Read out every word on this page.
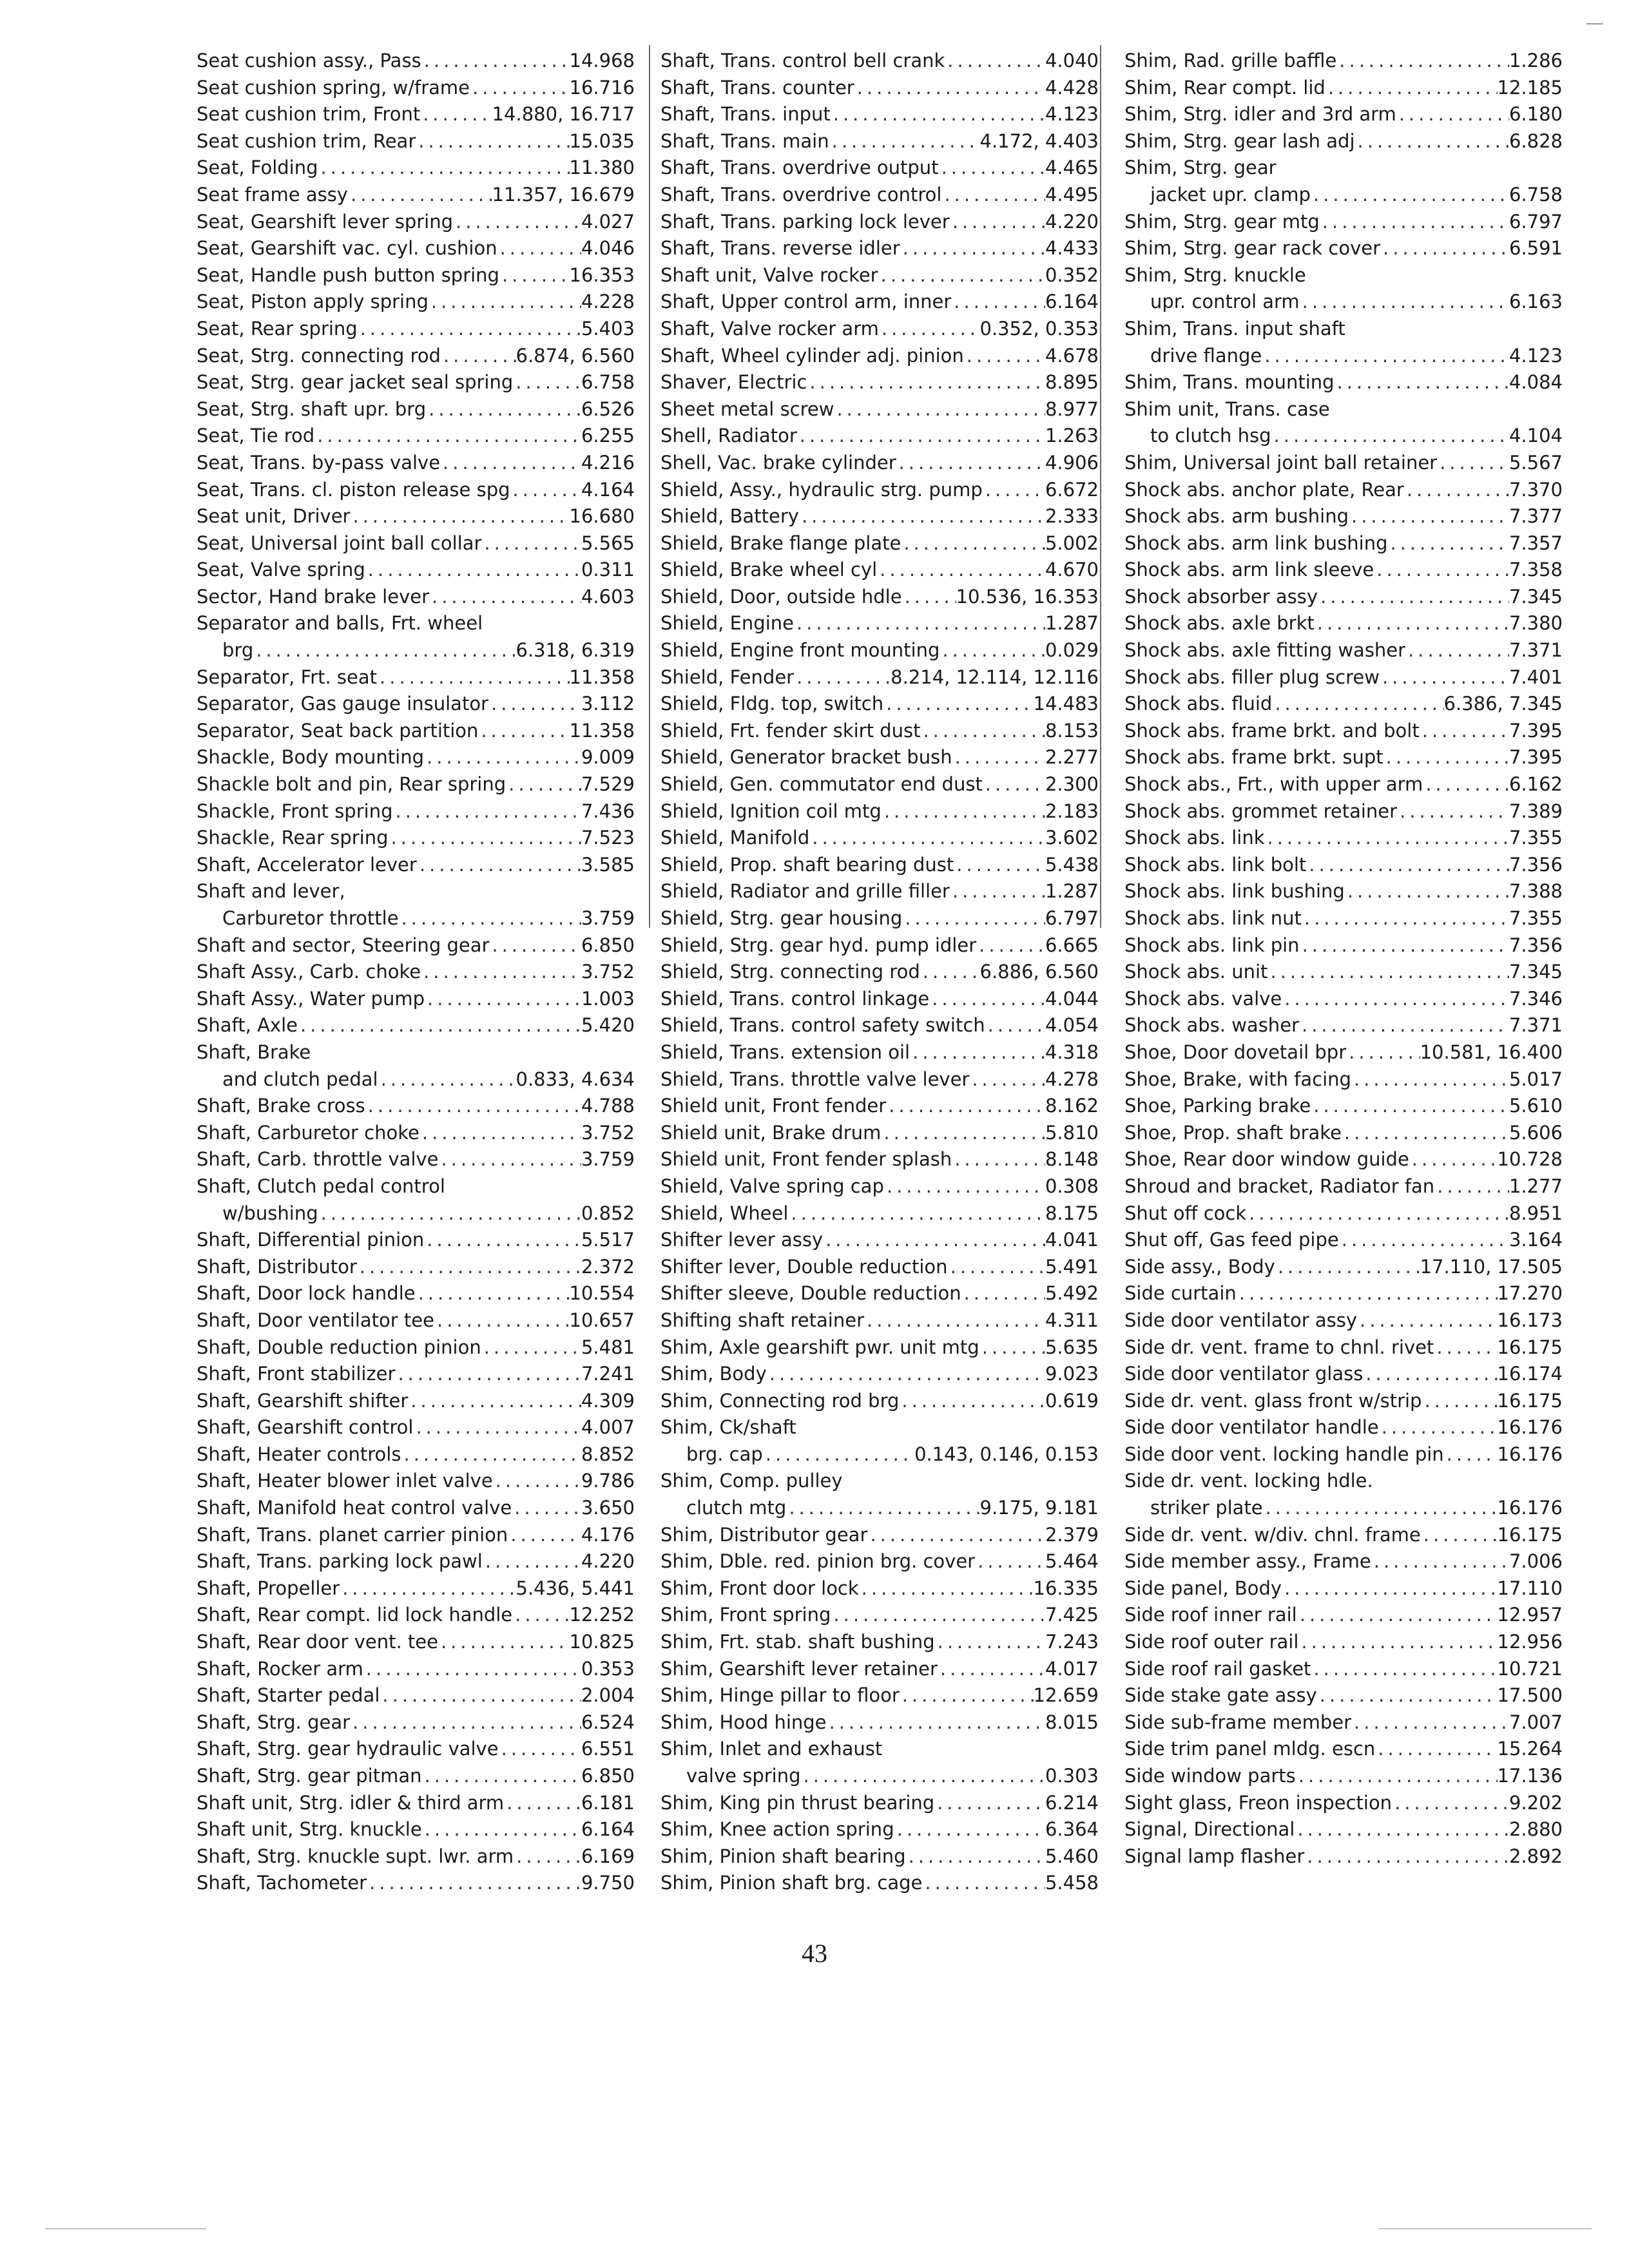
Seat cushion assy., Pass .....	14.968
Seat cushion spring, w/frame .....	16.716
Seat cushion trim, Front .....	14.880, 16.717
Seat cushion trim, Rear .....	15.035
Seat, Folding .....	11.380
Seat frame assy .....	11.357, 16.679
Seat, Gearshift lever spring .....	4.027
Seat, Gearshift vac. cyl. cushion .....	4.046
Seat, Handle push button spring .....	16.353
Seat, Piston apply spring .....	4.228
Seat, Rear spring .....	5.403
Seat, Strg. connecting rod .....	6.874, 6.560
Seat, Strg. gear jacket seal spring .....	6.758
Seat, Strg. shaft upr. brg .....	6.526
Seat, Tie rod .....	6.255
Seat, Trans. by-pass valve .....	4.216
Seat, Trans. cl. piston release spg .....	4.164
Seat unit, Driver .....	16.680
Seat, Universal joint ball collar .....	5.565
Seat, Valve spring .....	0.311
Sector, Hand brake lever .....	4.603
Separator and balls, Frt. wheel
brg .....	6.318, 6.319
Separator, Frt. seat .....	11.358
Separator, Gas gauge insulator .....	3.112
Separator, Seat back partition .....	11.358
Shackle, Body mounting .....	9.009
Shackle bolt and pin, Rear spring .....	7.529
Shackle, Front spring .....	7.436
Shackle, Rear spring .....	7.523
Shaft, Accelerator lever .....	3.585
Shaft and lever,
Carburetor throttle .....	3.759
Shaft and sector, Steering gear .....	6.850
Shaft Assy., Carb. choke .....	3.752
Shaft Assy., Water pump .....	1.003
Shaft, Axle .....	5.420
Shaft, Brake
and clutch pedal .....	0.833, 4.634
Shaft, Brake cross .....	4.788
Shaft, Carburetor choke .....	3.752
Shaft, Carb. throttle valve .....	3.759
Shaft, Clutch pedal control
w/bushing .....	0.852
Shaft, Differential pinion .....	5.517
Shaft, Distributor .....	2.372
Shaft, Door lock handle .....	10.554
Shaft, Door ventilator tee .....	10.657
Shaft, Double reduction pinion .....	5.481
Shaft, Front stabilizer .....	7.241
Shaft, Gearshift shifter .....	4.309
Shaft, Gearshift control .....	4.007
Shaft, Heater controls .....	8.852
Shaft, Heater blower inlet valve .....	9.786
Shaft, Manifold heat control valve .....	3.650
Shaft, Trans. planet carrier pinion .....	4.176
Shaft, Trans. parking lock pawl .....	4.220
Shaft, Propeller .....	5.436, 5.441
Shaft, Rear compt. lid lock handle .....	12.252
Shaft, Rear door vent. tee .....	10.825
Shaft, Rocker arm .....	0.353
Shaft, Starter pedal .....	2.004
Shaft, Strg. gear .....	6.524
Shaft, Strg. gear hydraulic valve .....	6.551
Shaft, Strg. gear pitman .....	6.850
Shaft unit, Strg. idler & third arm .....	6.181
Shaft unit, Strg. knuckle .....	6.164
Shaft, Strg. knuckle supt. lwr. arm .....	6.169
Shaft, Tachometer .....	9.750
Shaft, Trans. control bell crank .....	4.040
Shaft, Trans. counter .....	4.428
Shaft, Trans. input .....	4.123
Shaft, Trans. main .....	4.172, 4.403
Shaft, Trans. overdrive output .....	4.465
Shaft, Trans. overdrive control .....	4.495
Shaft, Trans. parking lock lever .....	4.220
Shaft, Trans. reverse idler .....	4.433
Shaft unit, Valve rocker .....	0.352
Shaft, Upper control arm, inner .....	6.164
Shaft, Valve rocker arm .....	0.352, 0.353
Shaft, Wheel cylinder adj. pinion .....	4.678
Shaver, Electric .....	8.895
Sheet metal screw .....	8.977
Shell, Radiator .....	1.263
Shell, Vac. brake cylinder .....	4.906
Shield, Assy., hydraulic strg. pump .....	6.672
Shield, Battery .....	2.333
Shield, Brake flange plate .....	5.002
Shield, Brake wheel cyl .....	4.670
Shield, Door, outside hdle .....	10.536, 16.353
Shield, Engine .....	1.287
Shield, Engine front mounting .....	0.029
Shield, Fender .....	8.214, 12.114, 12.116
Shield, Fldg. top, switch .....	14.483
Shield, Frt. fender skirt dust .....	8.153
Shield, Generator bracket bush .....	2.277
Shield, Gen. commutator end dust .....	2.300
Shield, Ignition coil mtg .....	2.183
Shield, Manifold .....	3.602
Shield, Prop. shaft bearing dust .....	5.438
Shield, Radiator and grille filler .....	1.287
Shield, Strg. gear housing .....	6.797
Shield, Strg. gear hyd. pump idler .....	6.665
Shield, Strg. connecting rod .....	6.886, 6.560
Shield, Trans. control linkage .....	4.044
Shield, Trans. control safety switch .....	4.054
Shield, Trans. extension oil .....	4.318
Shield, Trans. throttle valve lever .....	4.278
Shield unit, Front fender .....	8.162
Shield unit, Brake drum .....	5.810
Shield unit, Front fender splash .....	8.148
Shield, Valve spring cap .....	0.308
Shield, Wheel .....	8.175
Shifter lever assy .....	4.041
Shifter lever, Double reduction .....	5.491
Shifter sleeve, Double reduction .....	5.492
Shifting shaft retainer .....	4.311
Shim, Axle gearshift pwr. unit mtg .....	5.635
Shim, Body .....	9.023
Shim, Connecting rod brg .....	0.619
Shim, Ck/shaft
brg. cap .....	0.143, 0.146, 0.153
Shim, Comp. pulley
clutch mtg .....	9.175, 9.181
Shim, Distributor gear .....	2.379
Shim, Dble. red. pinion brg. cover .....	5.464
Shim, Front door lock .....	16.335
Shim, Front spring .....	7.425
Shim, Frt. stab. shaft bushing .....	7.243
Shim, Gearshift lever retainer .....	4.017
Shim, Hinge pillar to floor .....	12.659
Shim, Hood hinge .....	8.015
Shim, Inlet and exhaust
valve spring .....	0.303
Shim, King pin thrust bearing .....	6.214
Shim, Knee action spring .....	6.364
Shim, Pinion shaft bearing .....	5.460
Shim, Pinion shaft brg. cage .....	5.458
Shim, Rad. grille baffle .....	1.286
Shim, Rear compt. lid .....	12.185
Shim, Strg. idler and 3rd arm .....	6.180
Shim, Strg. gear lash adj .....	6.828
Shim, Strg. gear
jacket upr. clamp .....	6.758
Shim, Strg. gear mtg .....	6.797
Shim, Strg. gear rack cover .....	6.591
Shim, Strg. knuckle
upr. control arm .....	6.163
Shim, Trans. input shaft
drive flange .....	4.123
Shim, Trans. mounting .....	4.084
Shim unit, Trans. case
to clutch hsg .....	4.104
Shim, Universal joint ball retainer .....	5.567
Shock abs. anchor plate, Rear .....	7.370
Shock abs. arm bushing .....	7.377
Shock abs. arm link bushing .....	7.357
Shock abs. arm link sleeve .....	7.358
Shock absorber assy .....	7.345
Shock abs. axle brkt .....	7.380
Shock abs. axle fitting washer .....	7.371
Shock abs. filler plug screw .....	7.401
Shock abs. fluid .....	6.386, 7.345
Shock abs. frame brkt. and bolt .....	7.395
Shock abs. frame brkt. supt .....	7.395
Shock abs., Frt., with upper arm .....	6.162
Shock abs. grommet retainer .....	7.389
Shock abs. link .....	7.355
Shock abs. link bolt .....	7.356
Shock abs. link bushing .....	7.388
Shock abs. link nut .....	7.355
Shock abs. link pin .....	7.356
Shock abs. unit .....	7.345
Shock abs. valve .....	7.346
Shock abs. washer .....	7.371
Shoe, Door dovetail bpr .....	10.581, 16.400
Shoe, Brake, with facing .....	5.017
Shoe, Parking brake .....	5.610
Shoe, Prop. shaft brake .....	5.606
Shoe, Rear door window guide .....	10.728
Shroud and bracket, Radiator fan .....	1.277
Shut off cock .....	8.951
Shut off, Gas feed pipe .....	3.164
Side assy., Body .....	17.110, 17.505
Side curtain .....	17.270
Side door ventilator assy .....	16.173
Side dr. vent. frame to chnl. rivet .....	16.175
Side door ventilator glass .....	16.174
Side dr. vent. glass front w/strip .....	16.175
Side door ventilator handle .....	16.176
Side door vent. locking handle pin .....	16.176
Side dr. vent. locking hdle.
striker plate .....	16.176
Side dr. vent. w/div. chnl. frame .....	16.175
Side member assy., Frame .....	7.006
Side panel, Body .....	17.110
Side roof inner rail .....	12.957
Side roof outer rail .....	12.956
Side roof rail gasket .....	10.721
Side stake gate assy .....	17.500
Side sub-frame member .....	7.007
Side trim panel mldg. escn .....	15.264
Side window parts .....	17.136
Sight glass, Freon inspection .....	9.202
Signal, Directional .....	2.880
Signal lamp flasher .....	2.892
43
